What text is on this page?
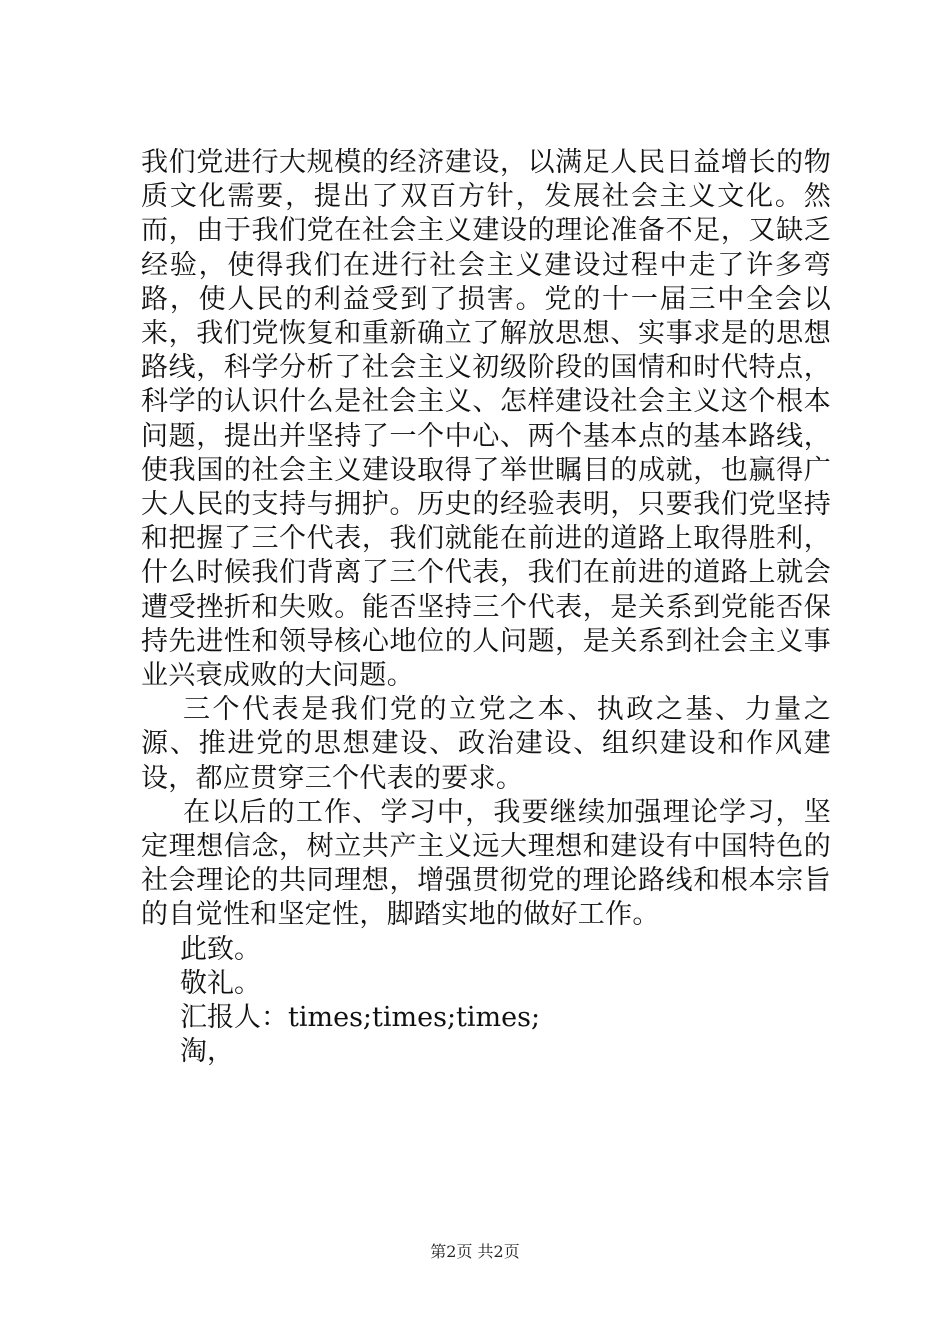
我们党进行大规模的经济建设，以满足人民日益增长的物质文化需要，提出了双百方针，发展社会主义文化。然而，由于我们党在社会主义建设的理论准备不足，又缺乏经验，使得我们在进行社会主义建设过程中走了许多弯路，使人民的利益受到了损害。党的十一届三中全会以来，我们党恢复和重新确立了解放思想、实事求是的思想路线，科学分析了社会主义初级阶段的国情和时代特点，科学的认识什么是社会主义、怎样建设社会主义这个根本问题，提出并坚持了一个中心、两个基本点的基本路线，使我国的社会主义建设取得了举世瞩目的成就，也赢得广大人民的支持与拥护。历史的经验表明，只要我们党坚持和把握了三个代表，我们就能在前进的道路上取得胜利，什么时候我们背离了三个代表，我们在前进的道路上就会遭受挫折和失败。能否坚持三个代表，是关系到党能否保持先进性和领导核心地位的人问题，是关系到社会主义事业兴衰成败的大问题。

三个代表是我们党的立党之本、执政之基、力量之源、推进党的思想建设、政治建设、组织建设和作风建设，都应贯穿三个代表的要求。

在以后的工作、学习中，我要继续加强理论学习，坚定理想信念，树立共产主义远大理想和建设有中国特色的社会理论的共同理想，增强贯彻党的理论路线和根本宗旨的自觉性和坚定性，脚踏实地的做好工作。

此致。

敬礼。

汇报人：times;times;times;

淘，

第2页 共2页
